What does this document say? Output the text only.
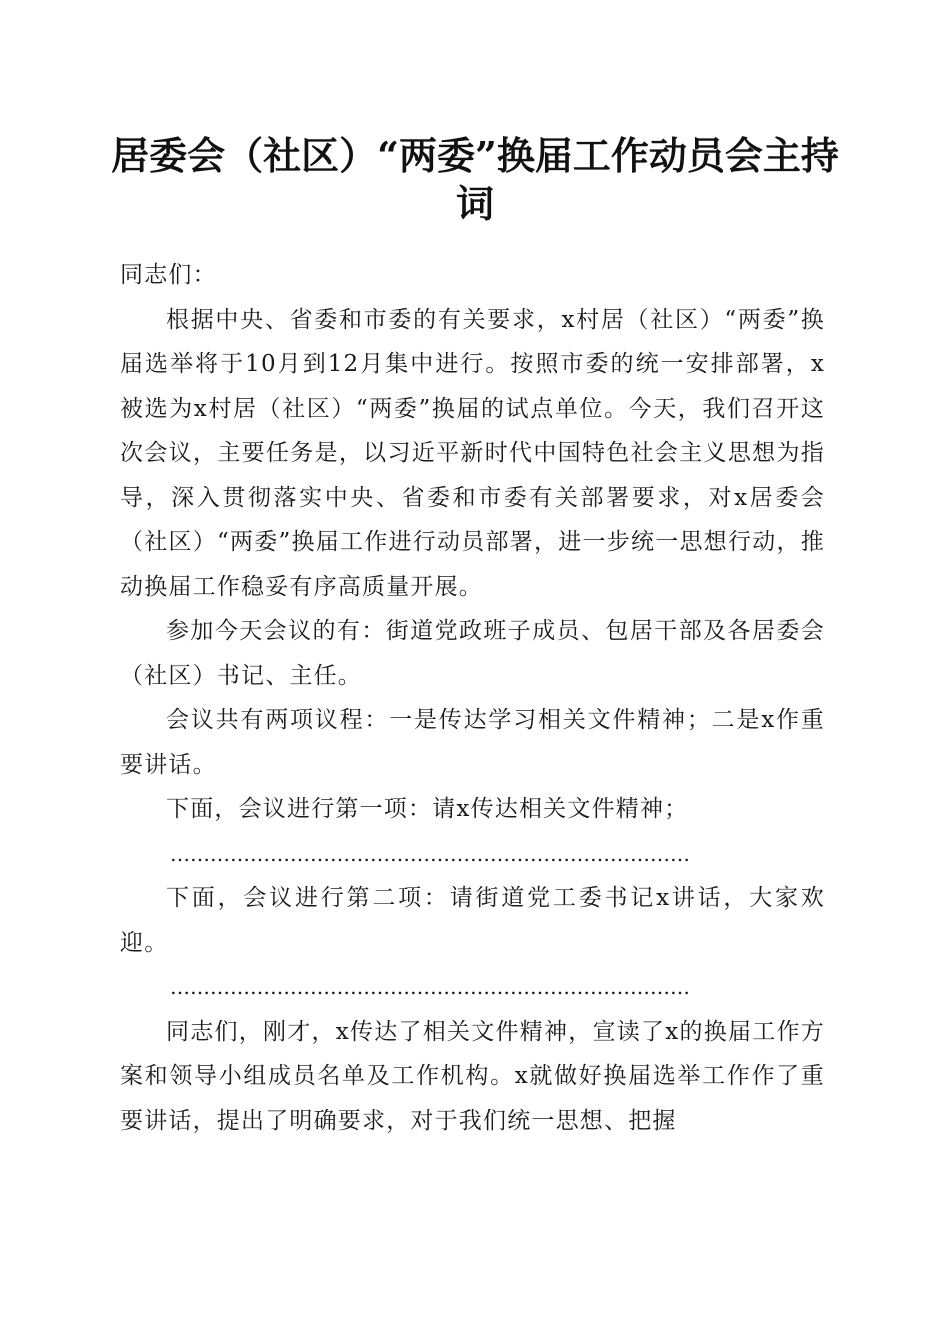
居委会（社区）“两委”换届工作动员会主持词

同志们：

根据中央、省委和市委的有关要求，x村居（社区）“两委”换届选举将于10月到12月集中进行。按照市委的统一安排部署，x被选为x村居（社区）“两委”换届的试点单位。今天，我们召开这次会议，主要任务是，以习近平新时代中国特色社会主义思想为指导，深入贯彻落实中央、省委和市委有关部署要求，对x居委会（社区）“两委”换届工作进行动员部署，进一步统一思想行动，推动换届工作稳妥有序高质量开展。

参加今天会议的有：街道党政班子成员、包居干部及各居委会（社区）书记、主任。

会议共有两项议程：一是传达学习相关文件精神；二是x作重要讲话。

下面，会议进行第一项：请x传达相关文件精神；

……………………………………………………………………

下面，会议进行第二项：请街道党工委书记x讲话，大家欢迎。

……………………………………………………………………

同志们，刚才，x传达了相关文件精神，宣读了x的换届工作方案和领导小组成员名单及工作机构。x就做好换届选举工作作了重要讲话，提出了明确要求，对于我们统一思想、把握
